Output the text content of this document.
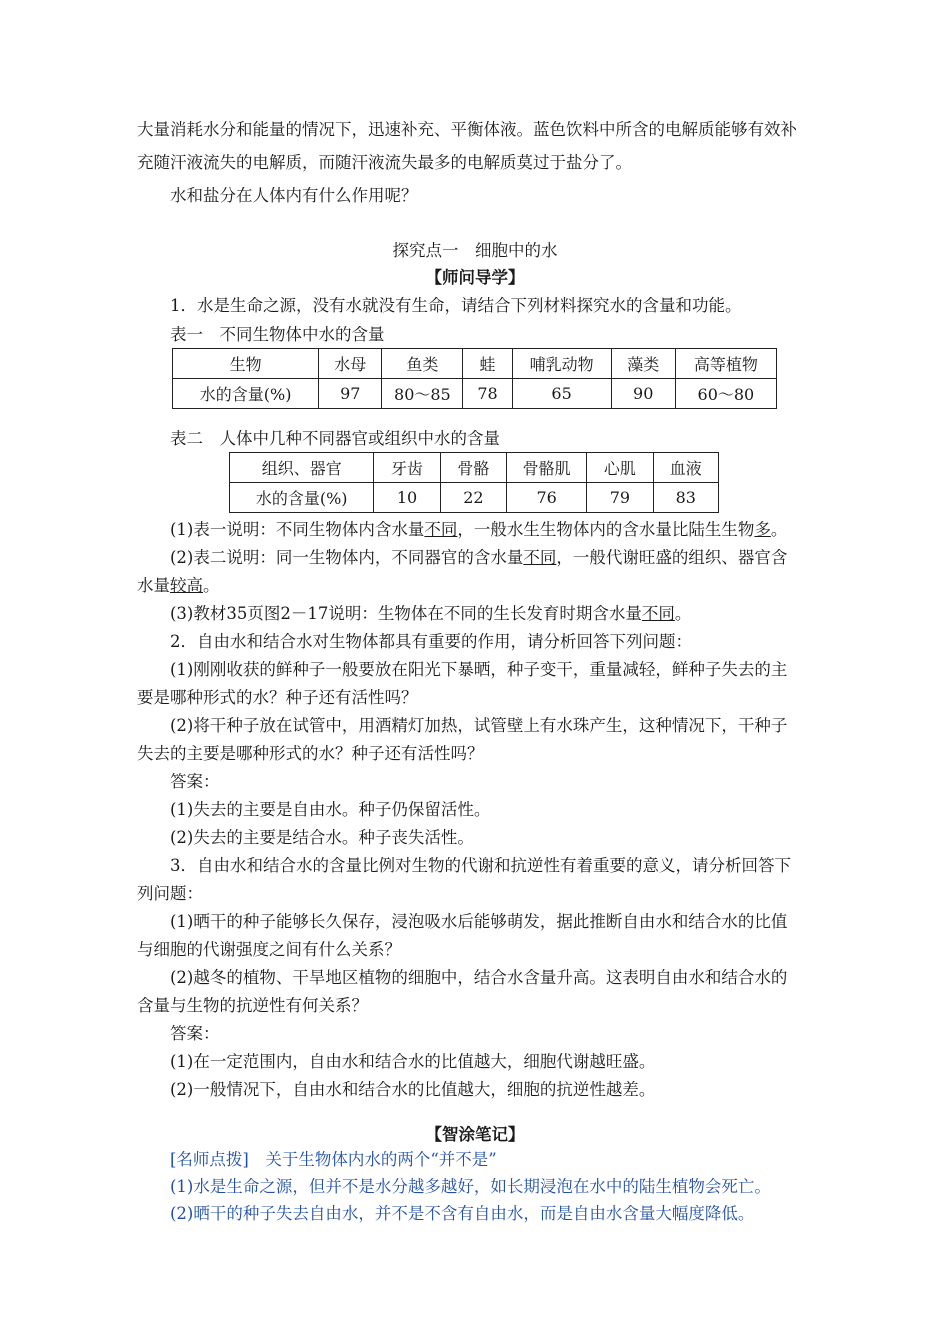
大量消耗水分和能量的情况下，迅速补充、平衡体液。蓝色饮料中所含的电解质能够有效补
充随汗液流失的电解质，而随汗液流失最多的电解质莫过于盐分了。
水和盐分在人体内有什么作用呢？
探究点一　细胞中的水
【师问导学】
1．水是生命之源，没有水就没有生命，请结合下列材料探究水的含量和功能。
表一　不同生物体中水的含量
生物	水母	鱼类	蛙	哺乳动物	藻类	高等植物
水的含量(%)	97	80～85	78	65	90	60～80
表二　人体中几种不同器官或组织中水的含量
组织、器官	牙齿	骨骼	骨骼肌	心肌	血液
水的含量(%)	10	22	76	79	83
(1)表一说明：不同生物体内含水量不同，一般水生生物体内的含水量比陆生生物多。
(2)表二说明：同一生物体内，不同器官的含水量不同，一般代谢旺盛的组织、器官含
水量较高。
(3)教材35页图2－17说明：生物体在不同的生长发育时期含水量不同。
2．自由水和结合水对生物体都具有重要的作用，请分析回答下列问题：
(1)刚刚收获的鲜种子一般要放在阳光下暴晒，种子变干，重量减轻，鲜种子失去的主
要是哪种形式的水？种子还有活性吗？
(2)将干种子放在试管中，用酒精灯加热，试管壁上有水珠产生，这种情况下，干种子
失去的主要是哪种形式的水？种子还有活性吗？
答案：
(1)失去的主要是自由水。种子仍保留活性。
(2)失去的主要是结合水。种子丧失活性。
3．自由水和结合水的含量比例对生物的代谢和抗逆性有着重要的意义，请分析回答下
列问题：
(1)晒干的种子能够长久保存，浸泡吸水后能够萌发，据此推断自由水和结合水的比值
与细胞的代谢强度之间有什么关系？
(2)越冬的植物、干旱地区植物的细胞中，结合水含量升高。这表明自由水和结合水的
含量与生物的抗逆性有何关系？
答案：
(1)在一定范围内，自由水和结合水的比值越大，细胞代谢越旺盛。
(2)一般情况下，自由水和结合水的比值越大，细胞的抗逆性越差。
【智涂笔记】
[名师点拨]　关于生物体内水的两个“并不是”
(1)水是生命之源，但并不是水分越多越好，如长期浸泡在水中的陆生植物会死亡。
(2)晒干的种子失去自由水，并不是不含有自由水，而是自由水含量大幅度降低。
